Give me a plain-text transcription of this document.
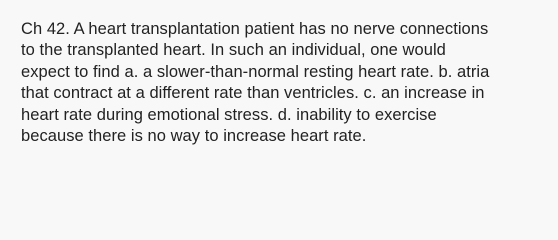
Ch 42. A heart transplantation patient has no nerve connections
to the transplanted heart. In such an individual, one would
expect to find a. a slower-than-normal resting heart rate. b. atria
that contract at a different rate than ventricles. c. an increase in
heart rate during emotional stress. d. inability to exercise
because there is no way to increase heart rate.
